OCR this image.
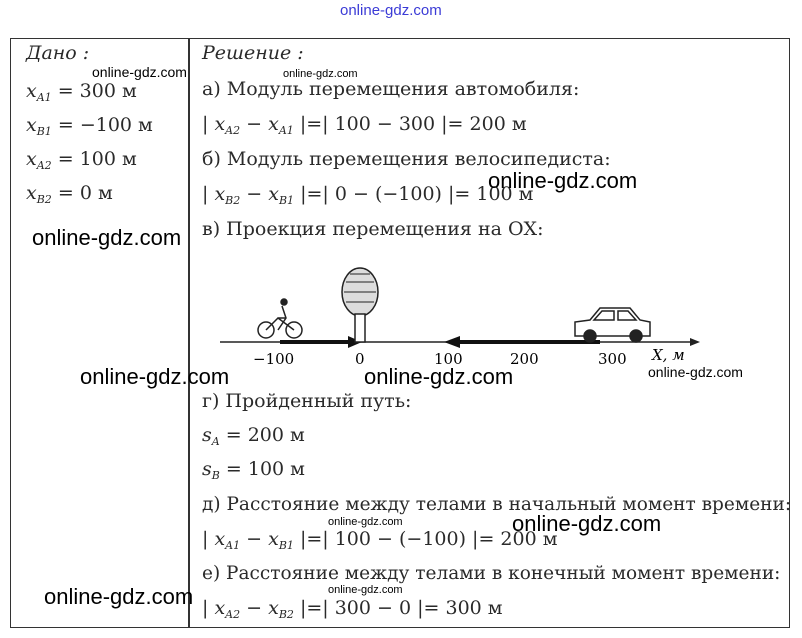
online-gdz.com
Дано :
$x_{A1} = 300$ м
$x_{B1} = -100$ м
$x_{A2} = 100$ м
$x_{B2} = 0$ м
Решение :
а) Модуль перемещения автомобиля:
| $x_{A2} - x_{A1}$ |=| 100 − 300 |= 200 м
б) Модуль перемещения велосипедиста:
| $x_{B2} - x_{B1}$ |=| 0 − (−100) |= 100 м
в) Проекция перемещения на ОХ:
−100	0	100	200	300 X, м
г) Пройденный путь:
$s_A = 200$ м
$s_B = 100$ м
д) Расстояние между телами в начальный момент времени:
| $x_{A1} - x_{B1}$ |=| 100 − (−100) |= 200 м
е) Расстояние между телами в конечный момент времени:
| $x_{A2} - x_{B2}$ |=| 300 − 0 |= 300 м
online-gdz.com	online-gdz.com
online-gdz.com
online-gdz.com
online-gdz.com	online-gdz.com	online-gdz.com
online-gdz.com	online-gdz.com
online-gdz.com
online-gdz.com
